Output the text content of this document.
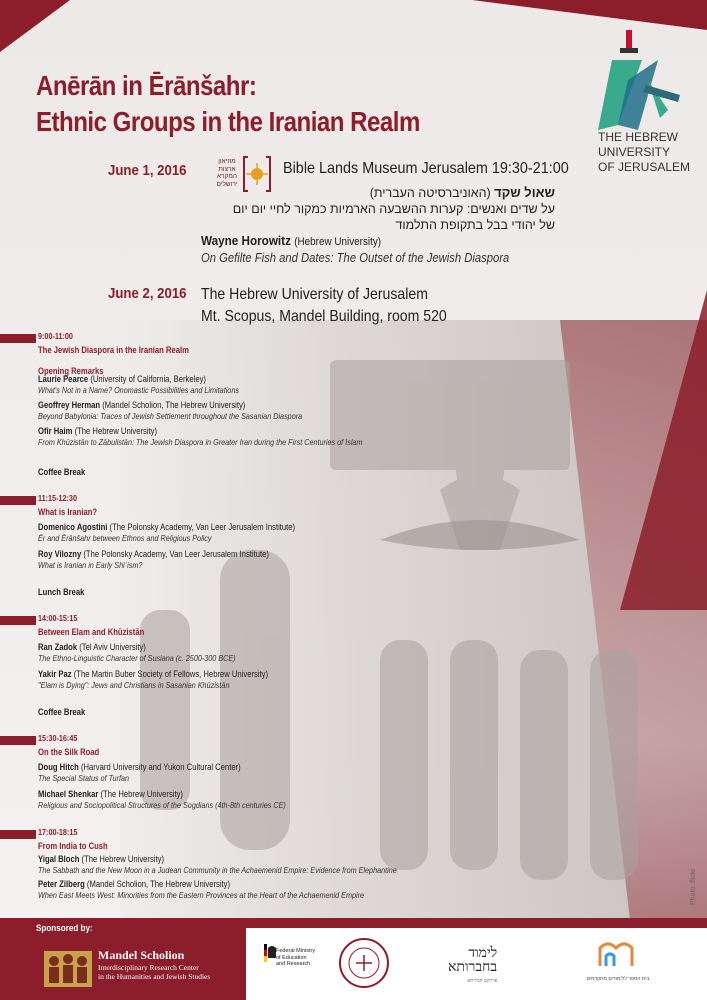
Anērān in Ērānšahr:
Ethnic Groups in the Iranian Realm	THE HEBREW
UNIVERSITY
OF JERUSALEM
June 1, 2016
מוזיאון ארצות המקרא ירושלים
Bible Lands Museum Jerusalem 19:30-21:00
שאול שקד (האוניברסיטה העברית)
על שדים ואנשים: קערות ההשבעה הארמיות כמקור לחיי יום יום
של יהודי בבל בתקופת התלמוד
Wayne Horowitz (Hebrew University)
On Gefilte Fish and Dates: The Outset of the Jewish Diaspora
June 2, 2016 The Hebrew University of Jerusalem
Mt. Scopus, Mandel Building, room 520
9:00-11:00
The Jewish Diaspora in the Iranian Realm
Opening Remarks
Laurie Pearce (University of California, Berkeley)
What's Not in a Name? Onomastic Possibilities and Limitations
Geoffrey Herman (Mandel Scholion, The Hebrew University)
Beyond Babylonia: Traces of Jewish Settlement throughout the Sasanian Diaspora
Ofir Haim (The Hebrew University)
From Khūzistān to Zābulistān: The Jewish Diaspora in Greater Iran during the First Centuries of Islam
Coffee Break
11:15-12:30
What is Iranian?
Domenico Agostini (The Polonsky Academy, Van Leer Jerusalem Institute)
Ēr and Ērānšahr between Ethnos and Religious Policy
Roy Vilozny (The Polonsky Academy, Van Leer Jerusalem Institute)
What is Iranian in Early Shīʿism?
Lunch Break
14:00-15:15
Between Elam and Khūzistān
Ran Zadok (Tel Aviv University)
The Ethno-Linguistic Character of Susiana (c. 2500-300 BCE)
Yakir Paz (The Martin Buber Society of Fellows, Hebrew University)
"Elam is Dying": Jews and Christians in Sasanian Khūzistān
Coffee Break
15:30-16:45
On the Silk Road
Doug Hitch (Harvard University and Yukon Cultural Center)
The Special Status of Turfan
Michael Shenkar (The Hebrew University)
Religious and Sociopolitical Structures of the Sogdians (4th-8th centuries CE)
17:00-18:15
From India to Cush
Yigal Bloch (The Hebrew University)
The Sabbath and the New Moon in a Judean Community in the Achaemenid Empire: Evidence from Elephantine
Peter Zilberg (Mandel Scholion, The Hebrew University)
When East Meets West: Minorities from the Eastern Provinces at the Heart of the Achaemenid Empire	Photo: flickr
Sponsored by:
Mandel Scholion
Interdisciplinary Research Center
in the Humanities and Jewish Studies
Federal Ministry
of Education
and Research
לימוד
בחברותא
פרויקט חברותא	בית הספר ללימודים מתקדמים
